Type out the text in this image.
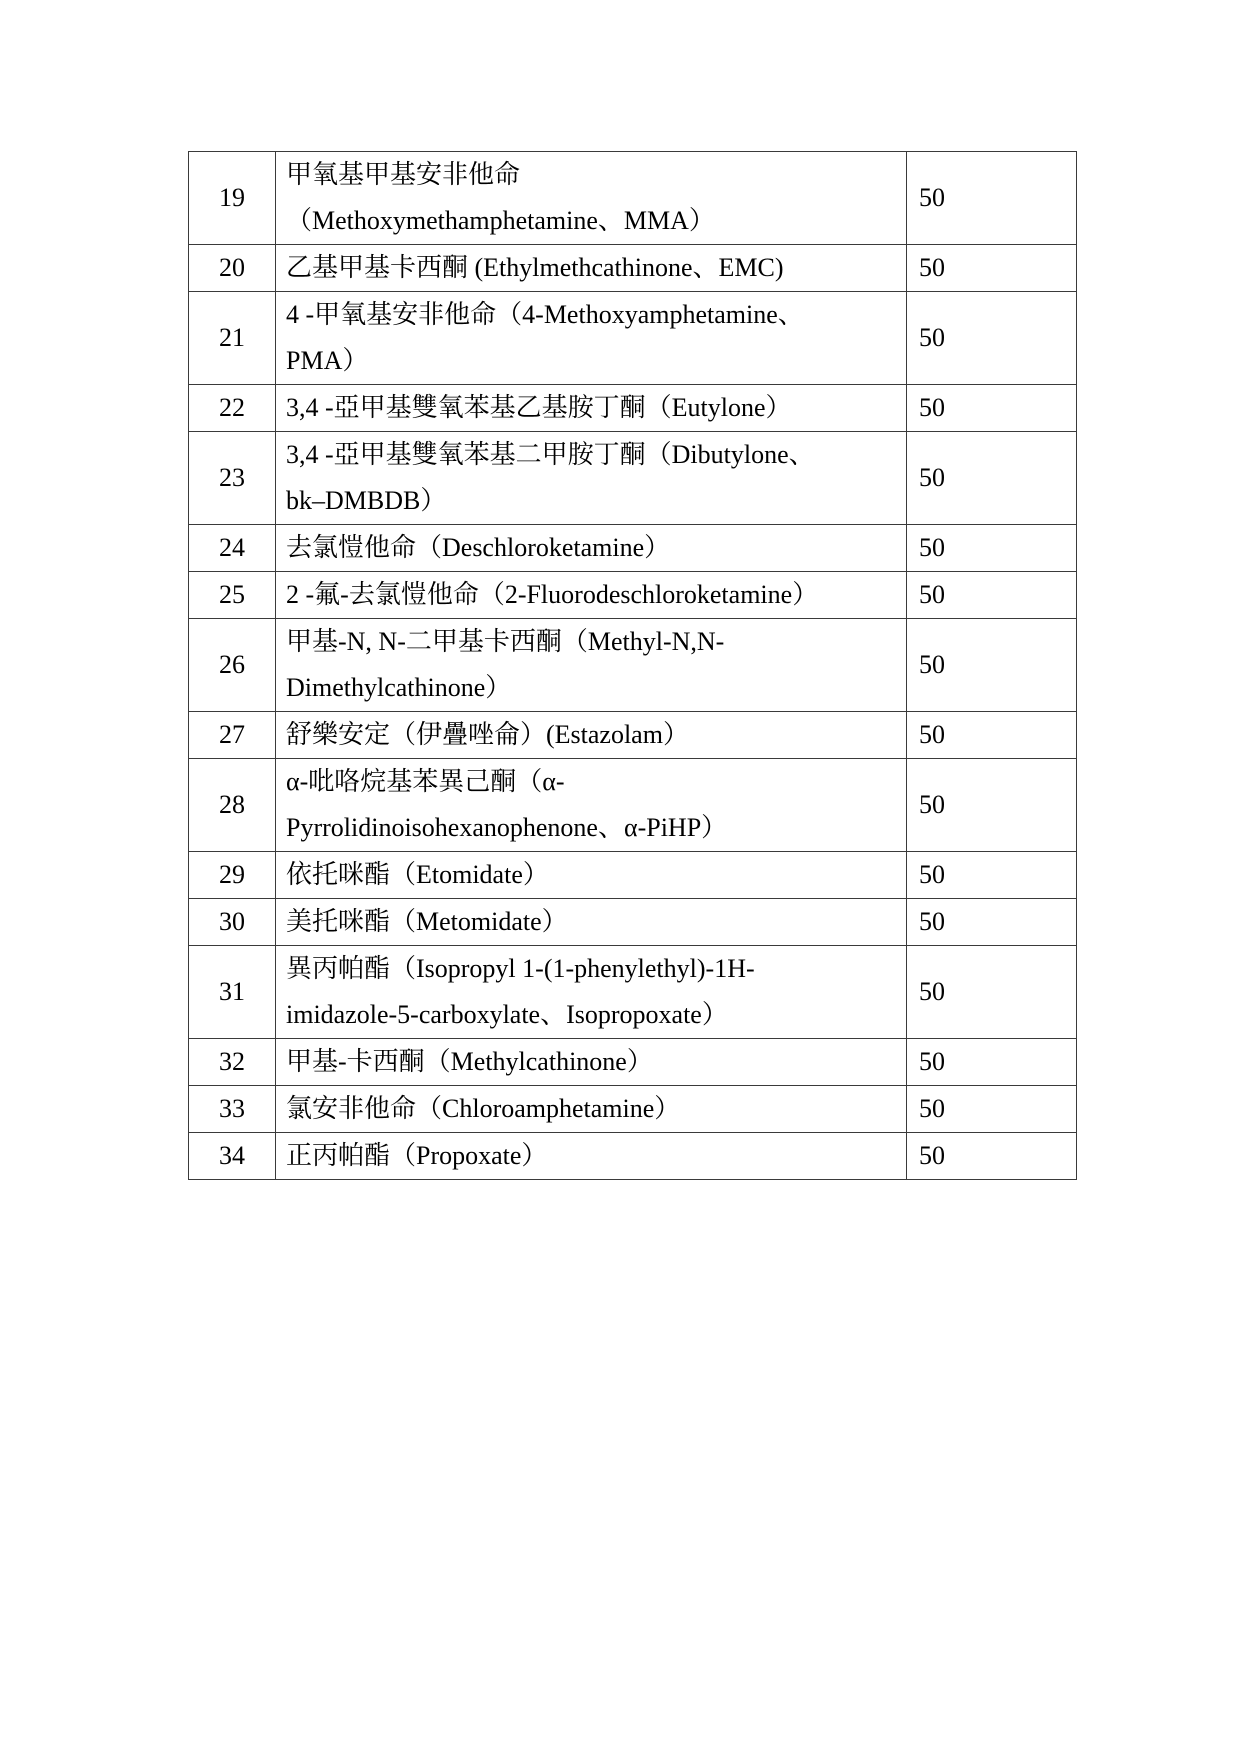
19	甲氧基甲基安非他命
（Methoxymethamphetamine、MMA）	50
20	乙基甲基卡西酮 (Ethylmethcathinone、EMC)	50
21	4 -甲氧基安非他命（4-Methoxyamphetamine、
PMA）	50
22	3,4 -亞甲基雙氧苯基乙基胺丁酮（Eutylone）	50
23	3,4 -亞甲基雙氧苯基二甲胺丁酮（Dibutylone、
bk–DMBDB）	50
24	去氯愷他命（Deschloroketamine）	50
25	2 -氟-去氯愷他命（2-Fluorodeschloroketamine）	50
26	甲基-N, N-二甲基卡西酮（Methyl-N,N-
Dimethylcathinone）	50
27	舒樂安定（伊疊唑侖）(Estazolam）	50
28	α-吡咯烷基苯異己酮（α-
Pyrrolidinoisohexanophenone、α-PiHP）	50
29	依托咪酯（Etomidate）	50
30	美托咪酯（Metomidate）	50
31	異丙帕酯（Isopropyl 1-(1-phenylethyl)-1H-
imidazole-5-carboxylate、Isopropoxate）	50
32	甲基-卡西酮（Methylcathinone）	50
33	氯安非他命（Chloroamphetamine）	50
34	正丙帕酯（Propoxate）	50
